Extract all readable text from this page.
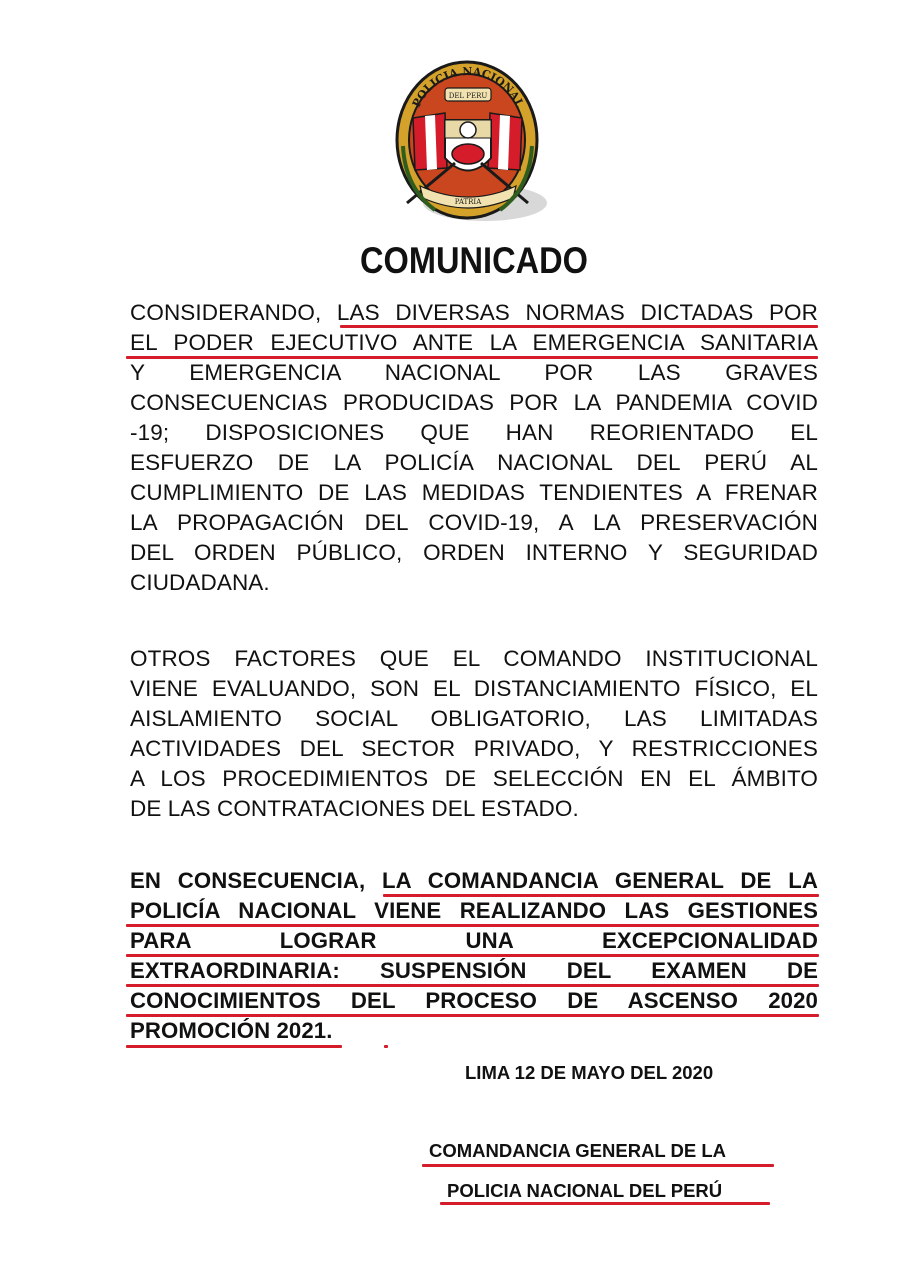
POLICIA NACIONAL
DEL PERU
PATRIA
COMUNICADO
CONSIDERANDO, LAS DIVERSAS NORMAS DICTADAS POR
EL PODER EJECUTIVO ANTE LA EMERGENCIA SANITARIA
Y EMERGENCIA NACIONAL POR LAS GRAVES
CONSECUENCIAS PRODUCIDAS POR LA PANDEMIA COVID
-19; DISPOSICIONES QUE HAN REORIENTADO EL
ESFUERZO DE LA POLICÍA NACIONAL DEL PERÚ AL
CUMPLIMIENTO DE LAS MEDIDAS TENDIENTES A FRENAR
LA PROPAGACIÓN DEL COVID-19, A LA PRESERVACIÓN
DEL ORDEN PÚBLICO, ORDEN INTERNO Y SEGURIDAD
CIUDADANA.
OTROS FACTORES QUE EL COMANDO INSTITUCIONAL
VIENE EVALUANDO, SON EL DISTANCIAMIENTO FÍSICO, EL
AISLAMIENTO SOCIAL OBLIGATORIO, LAS LIMITADAS
ACTIVIDADES DEL SECTOR PRIVADO, Y RESTRICCIONES
A LOS PROCEDIMIENTOS DE SELECCIÓN EN EL ÁMBITO
DE LAS CONTRATACIONES DEL ESTADO.
EN CONSECUENCIA, LA COMANDANCIA GENERAL DE LA
POLICÍA NACIONAL VIENE REALIZANDO LAS GESTIONES
PARA LOGRAR UNA EXCEPCIONALIDAD
EXTRAORDINARIA: SUSPENSIÓN DEL EXAMEN DE
CONOCIMIENTOS DEL PROCESO DE ASCENSO 2020
PROMOCIÓN 2021.
LIMA 12 DE MAYO DEL 2020
COMANDANCIA GENERAL DE LA
POLICIA NACIONAL DEL PERÚ
